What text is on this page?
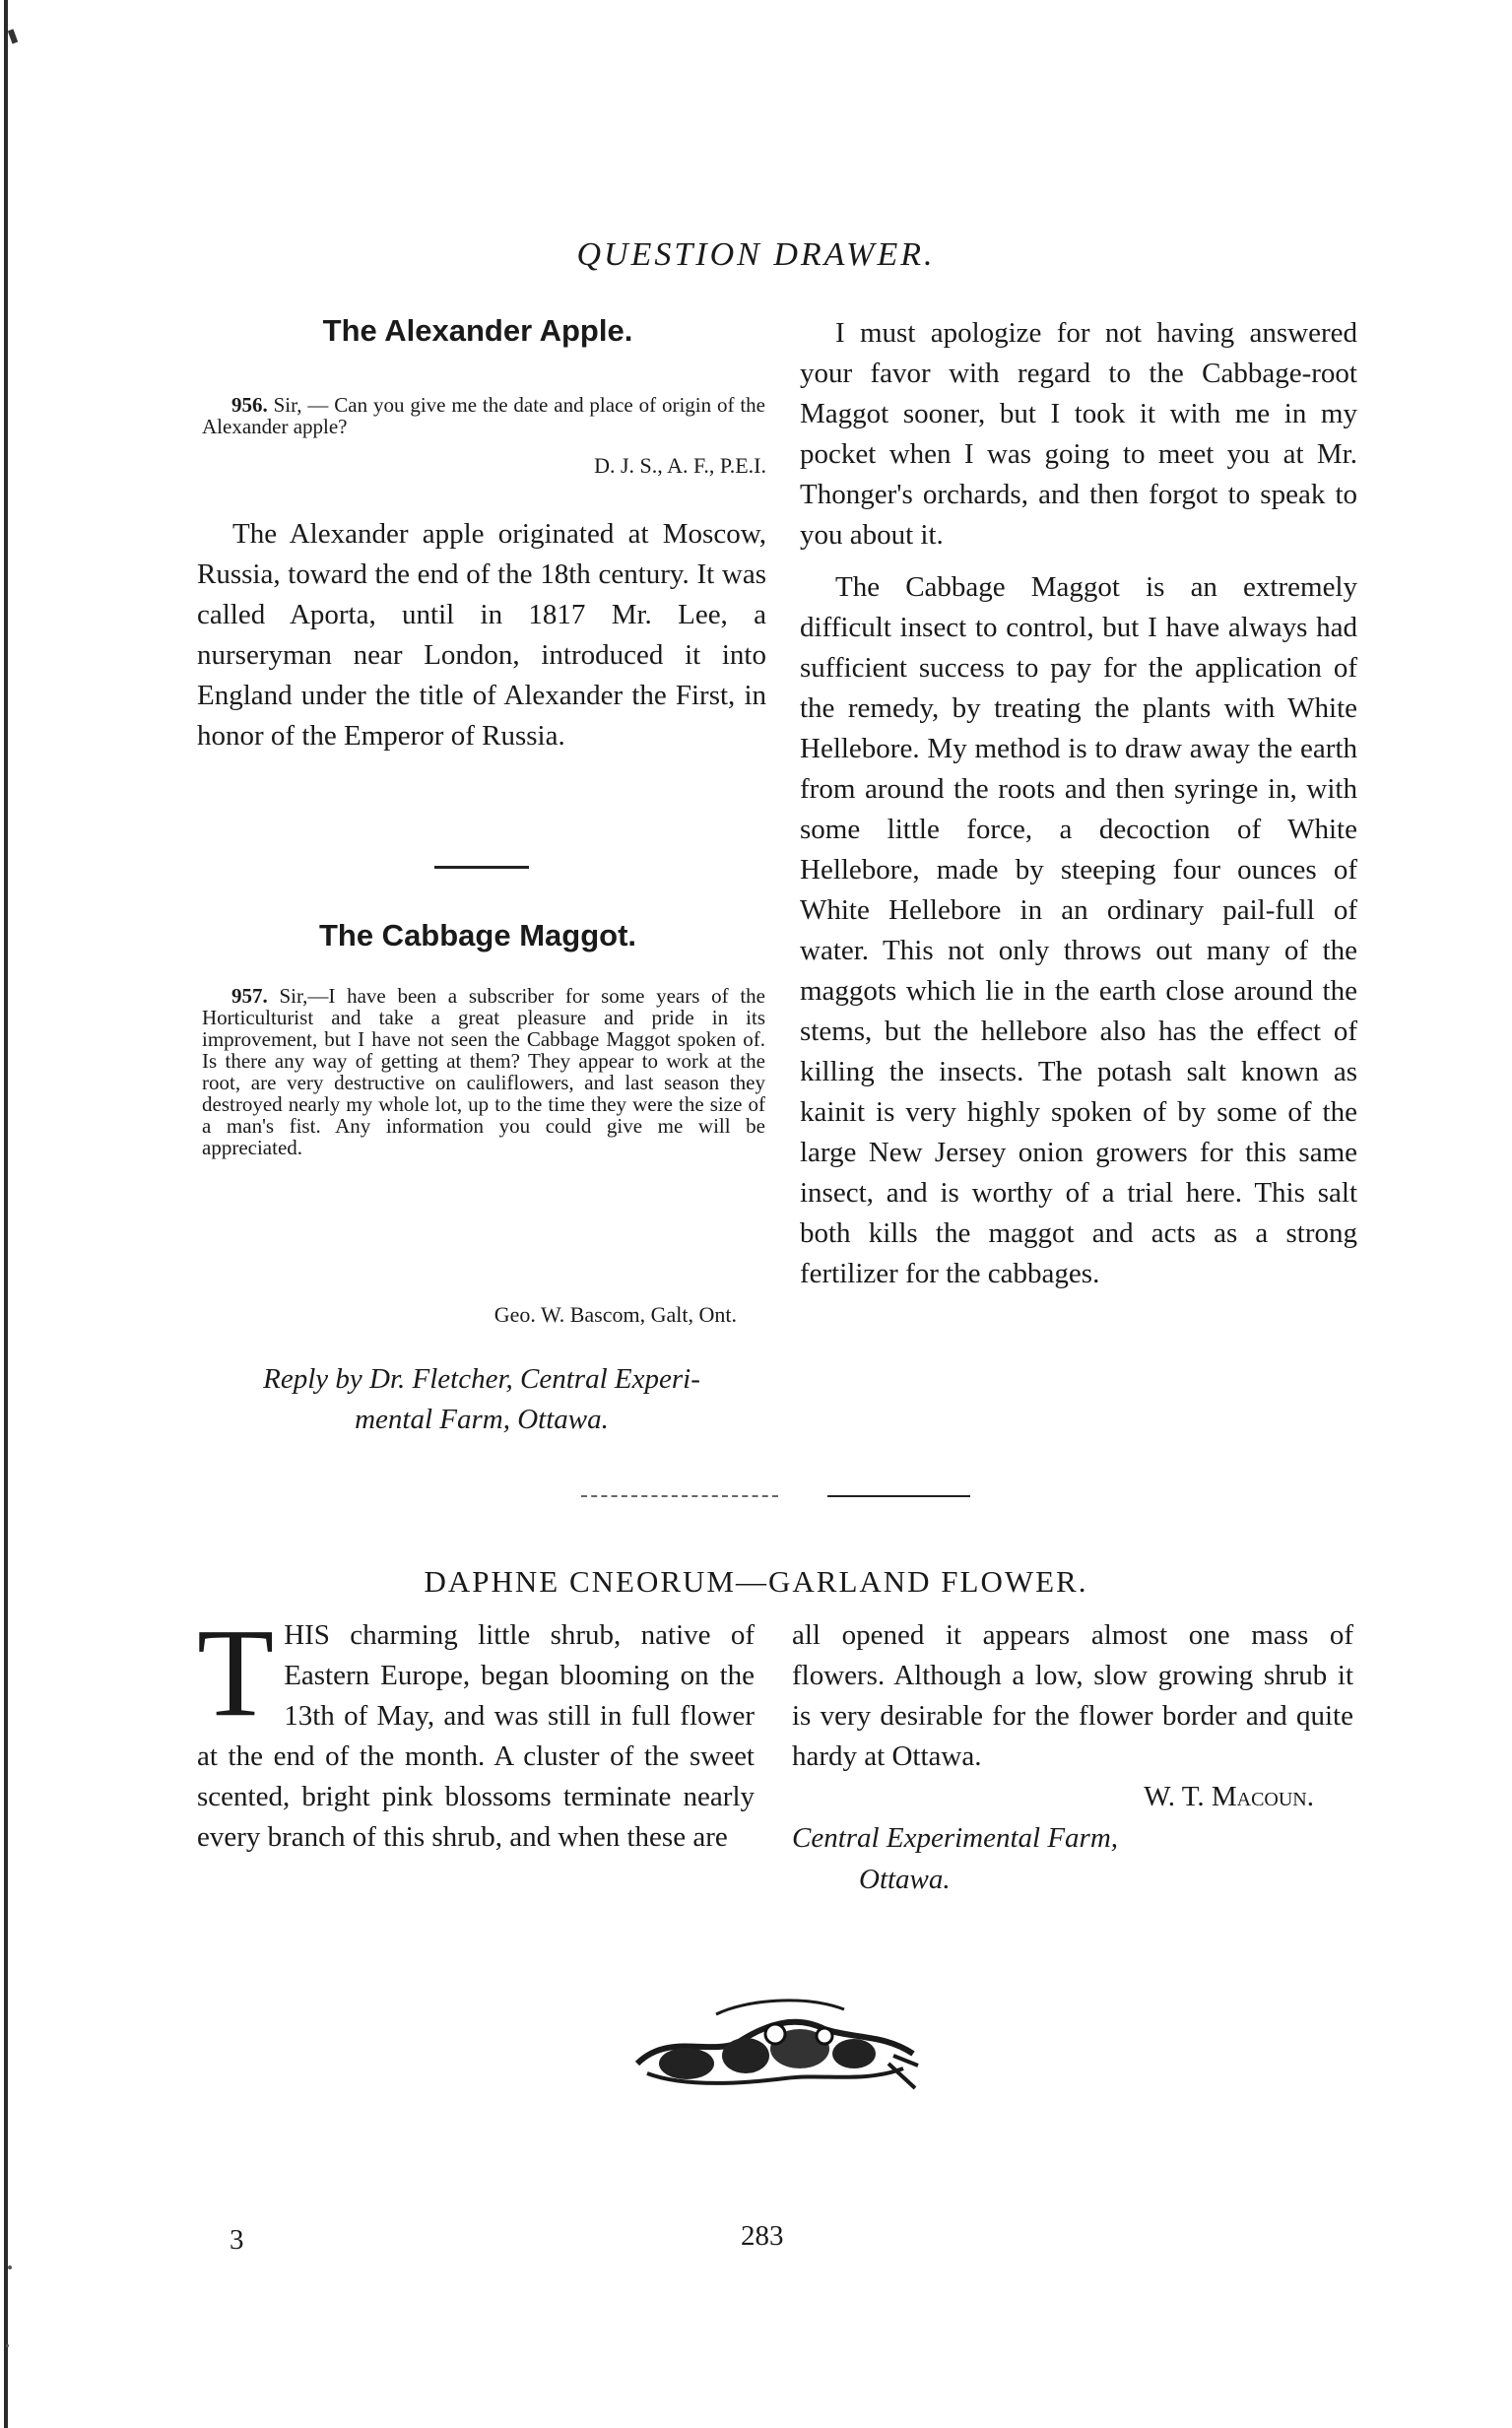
QUESTION DRAWER.
The Alexander Apple.
956. Sir, — Can you give me the date and place of origin of the Alexander apple?
D. J. S., A. F., P.E.I.

The Alexander apple originated at Moscow, Russia, toward the end of the 18th century. It was called Aporta, until in 1817 Mr. Lee, a nurseryman near London, introduced it into England under the title of Alexander the First, in honor of the Emperor of Russia.

The Cabbage Maggot.
957. Sir,—I have been a subscriber for some years of the Horticulturist and take a great pleasure and pride in its improvement, but I have not seen the Cabbage Maggot spoken of. Is there any way of getting at them? They appear to work at the root, are very destructive on cauliflowers, and last season they destroyed nearly my whole lot, up to the time they were the size of a man's fist. Any information you could give me will be appreciated.
Geo. W. Bascom, Galt, Ont.
Reply by Dr. Fletcher, Central Experi-
mental Farm, Ottawa.

I must apologize for not having answered your favor with regard to the Cabbage-root Maggot sooner, but I took it with me in my pocket when I was going to meet you at Mr. Thonger's orchards, and then forgot to speak to you about it.

The Cabbage Maggot is an extremely difficult insect to control, but I have always had sufficient success to pay for the application of the remedy, by treating the plants with White Hellebore. My method is to draw away the earth from around the roots and then syringe in, with some little force, a decoction of White Hellebore, made by steeping four ounces of White Hellebore in an ordinary pail-full of water. This not only throws out many of the maggots which lie in the earth close around the stems, but the hellebore also has the effect of killing the insects. The potash salt known as kainit is very highly spoken of by some of the large New Jersey onion growers for this same insect, and is worthy of a trial here. This salt both kills the maggot and acts as a strong fertilizer for the cabbages.

DAPHNE CNEORUM—GARLAND FLOWER.

THIS charming little shrub, native of Eastern Europe, began blooming on the 13th of May, and was still in full flower at the end of the month. A cluster of the sweet scented, bright pink blossoms terminate nearly every branch of this shrub, and when these are

all opened it appears almost one mass of flowers. Although a low, slow growing shrub it is very desirable for the flower border and quite hardy at Ottawa.

W. T. Macoun.
Central Experimental Farm,
Ottawa.
3	283
